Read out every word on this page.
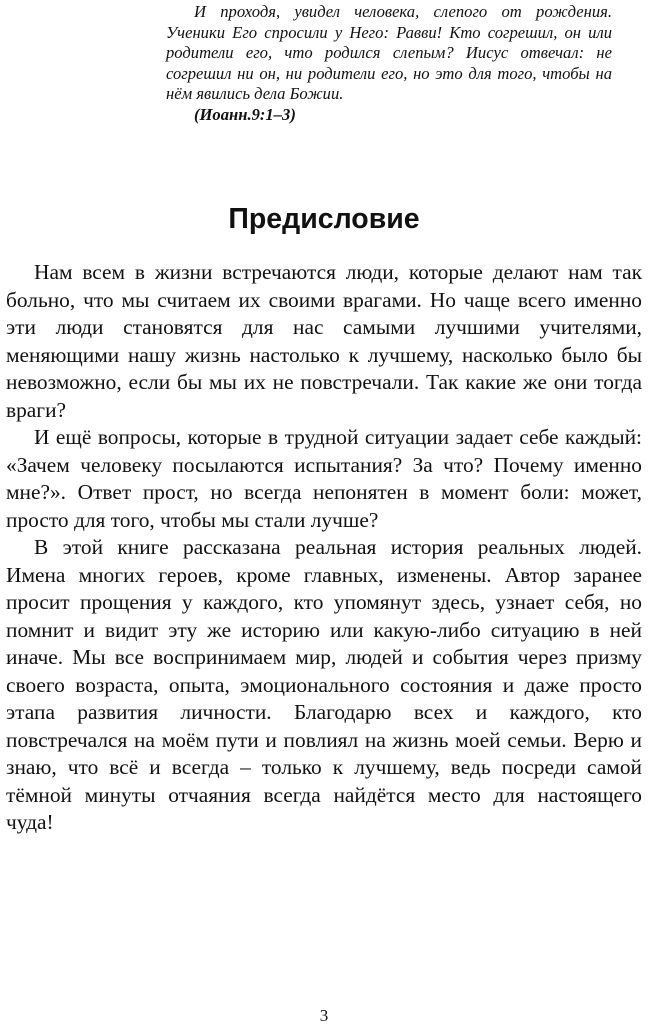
И проходя, увидел человека, слепого от рождения. Ученики Его спросили у Него: Равви! Кто согрешил, он или родители его, что родился слепым? Иисус отвечал: не согрешил ни он, ни родители его, но это для того, чтобы на нём явились дела Божии.

(Иоанн.9:1–3)

Предисловие

Нам всем в жизни встречаются люди, которые делают нам так больно, что мы считаем их своими врагами. Но чаще всего именно эти люди становятся для нас самыми лучшими учителями, меняющими нашу жизнь настолько к лучшему, насколько было бы невозможно, если бы мы их не повстречали. Так какие же они тогда враги?

И ещё вопросы, которые в трудной ситуации задает себе каждый: «Зачем человеку посылаются испытания? За что? Почему именно мне?». Ответ прост, но всегда непонятен в момент боли: может, просто для того, чтобы мы стали лучше?

В этой книге рассказана реальная история реальных людей. Имена многих героев, кроме главных, изменены. Автор заранее просит прощения у каждого, кто упомянут здесь, узнает себя, но помнит и видит эту же историю или какую-либо ситуацию в ней иначе. Мы все воспринимаем мир, людей и события через призму своего возраста, опыта, эмоционального состояния и даже просто этапа развития личности. Благодарю всех и каждого, кто повстречался на моём пути и повлиял на жизнь моей семьи. Верю и знаю, что всё и всегда – только к лучшему, ведь посреди самой тёмной минуты отчаяния всегда найдётся место для настоящего чуда!

3
